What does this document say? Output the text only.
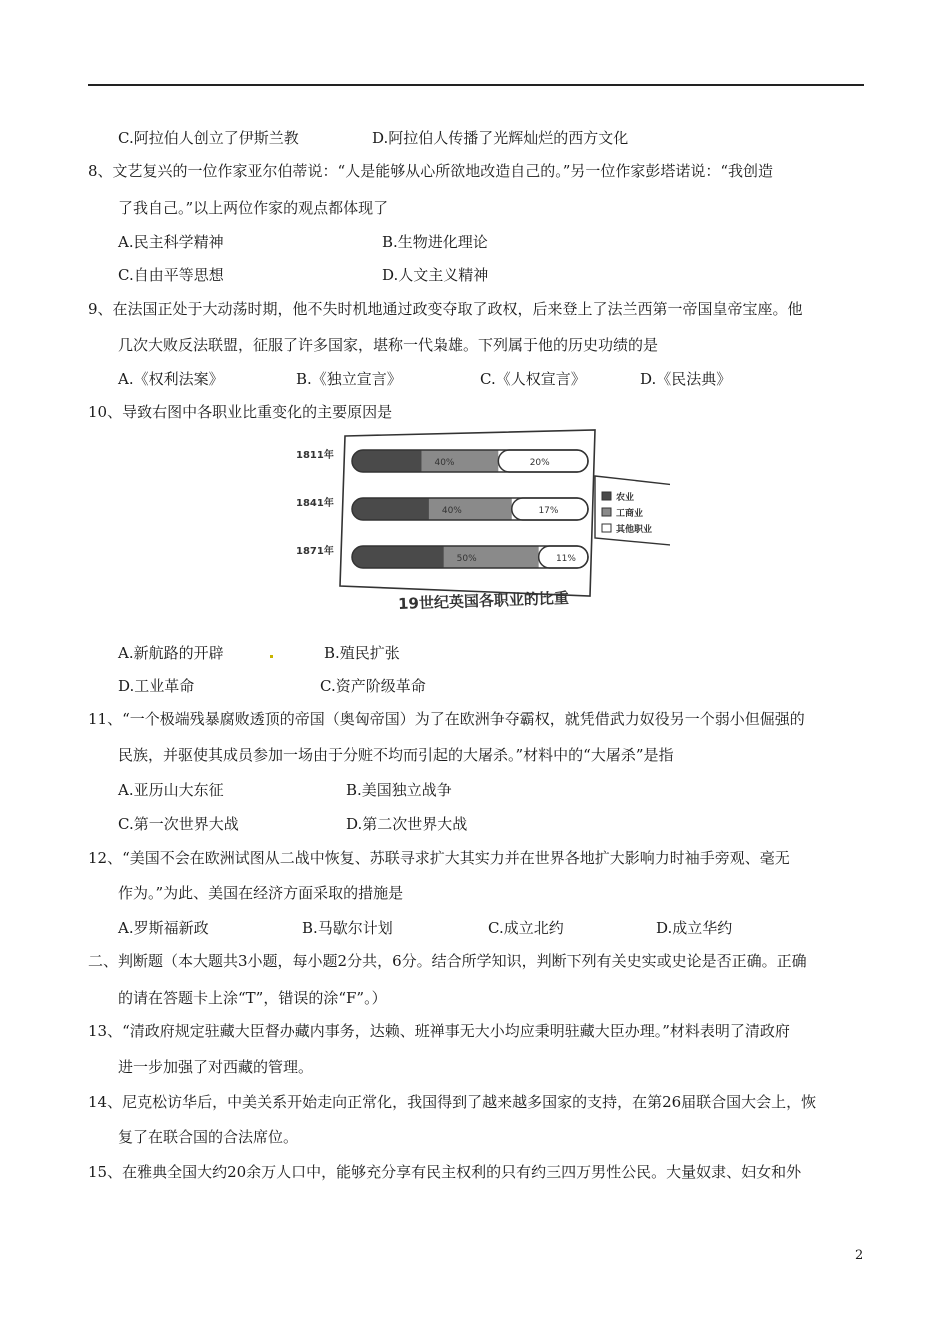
C.阿拉伯人创立了伊斯兰教	D.阿拉伯人传播了光辉灿烂的西方文化
8、文艺复兴的一位作家亚尔伯蒂说：“人是能够从心所欲地改造自己的。”另一位作家彭塔诺说：“我创造
了我自己。”以上两位作家的观点都体现了
A.民主科学精神	B.生物进化理论
C.自由平等思想	D.人文主义精神
9、在法国正处于大动荡时期，他不失时机地通过政变夺取了政权，后来登上了法兰西第一帝国皇帝宝座。他
几次大败反法联盟，征服了许多国家，堪称一代枭雄。下列属于他的历史功绩的是
A.《权利法案》	B.《独立宣言》	C.《人权宣言》	D.《民法典》
10、导致右图中各职业比重变化的主要原因是
1811年
40%	20%
1841年
40%	17%
1871年
50%	11%
农业
工商业
其他职业
19世纪英国各职业的比重
A.新航路的开辟	B.殖民扩张
D.工业革命	C.资产阶级革命
11、“一个极端残暴腐败透顶的帝国（奥匈帝国）为了在欧洲争夺霸权，就凭借武力奴役另一个弱小但倔强的
民族，并驱使其成员参加一场由于分赃不均而引起的大屠杀。”材料中的“大屠杀”是指
A.亚历山大东征	B.美国独立战争
C.第一次世界大战	D.第二次世界大战
12、“美国不会在欧洲试图从二战中恢复、苏联寻求扩大其实力并在世界各地扩大影响力时袖手旁观、毫无
作为。”为此、美国在经济方面采取的措施是
A.罗斯福新政	B.马歇尔计划	C.成立北约	D.成立华约
二、判断题（本大题共3小题，每小题2分共，6分。结合所学知识，判断下列有关史实或史论是否正确。正确
的请在答题卡上涂“T”，错误的涂“F”。）
13、“清政府规定驻藏大臣督办藏内事务，达赖、班禅事无大小均应秉明驻藏大臣办理。”材料表明了清政府
进一步加强了对西藏的管理。
14、尼克松访华后，中美关系开始走向正常化，我国得到了越来越多国家的支持，在第26届联合国大会上，恢
复了在联合国的合法席位。
15、在雅典全国大约20余万人口中，能够充分享有民主权利的只有约三四万男性公民。大量奴隶、妇女和外
2
